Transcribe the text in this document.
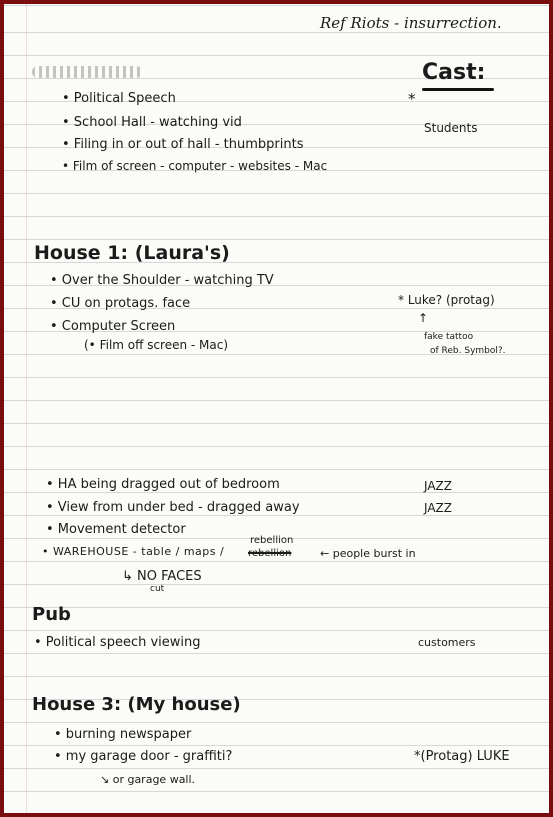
Ref Riots - insurrection.
Cast:
*
• Political Speech
• School Hall - watching vid
• Filing in or out of hall - thumbprints
• Film of screen - computer - websites - Mac
Students
House 1: (Laura's)
• Over the Shoulder - watching TV
• CU on protags. face
• Computer Screen
(• Film off screen - Mac)
* Luke? (protag)
↑
fake tattoo
of Reb. Symbol?.
• HA being dragged out of bedroom
• View from under bed - dragged away
• Movement detector
• WAREHOUSE - table / maps /
rebellion
rebellion	← people burst in
↳ NO FACES
cut
JAZZ
JAZZ
Pub
• Political speech viewing	customers
House 3: (My house)
• burning newspaper
• my garage door - graffiti?
↘ or garage wall.
*(Protag) LUKE
